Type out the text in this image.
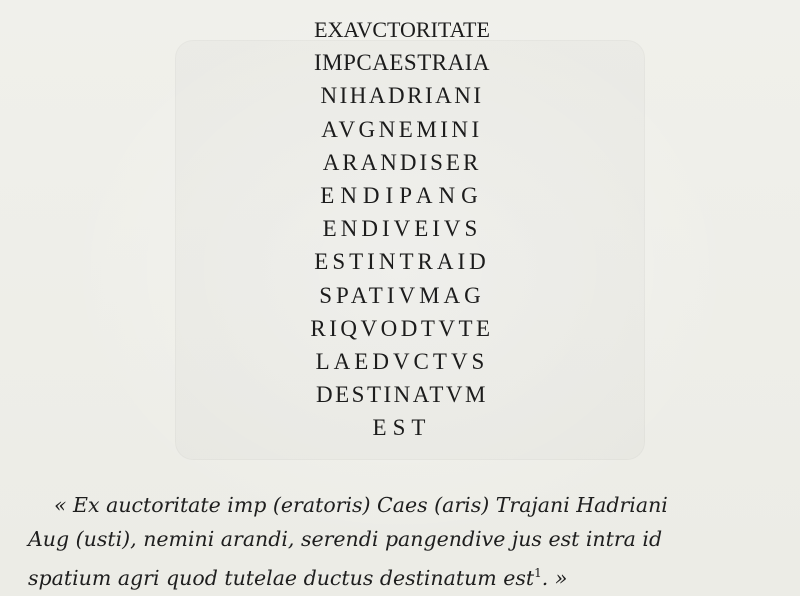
EXAVCTORITATE
IMPCAESTRAIA
NIHADRIANI
AVGNEMINI
ARANDISER
ENDIPANG
ENDIVEIVS
ESTINTRAID
SPATIVMAG
RIQVODTVTE
LAEDVCTVS
DESTINATVM
EST

« Ex auctoritate imp (eratoris) Caes (aris) Trajani Hadriani
Aug (usti), nemini arandi, serendi pangendive jus est intra id
spatium agri quod tutelae ductus destinatum est$^1$. »
